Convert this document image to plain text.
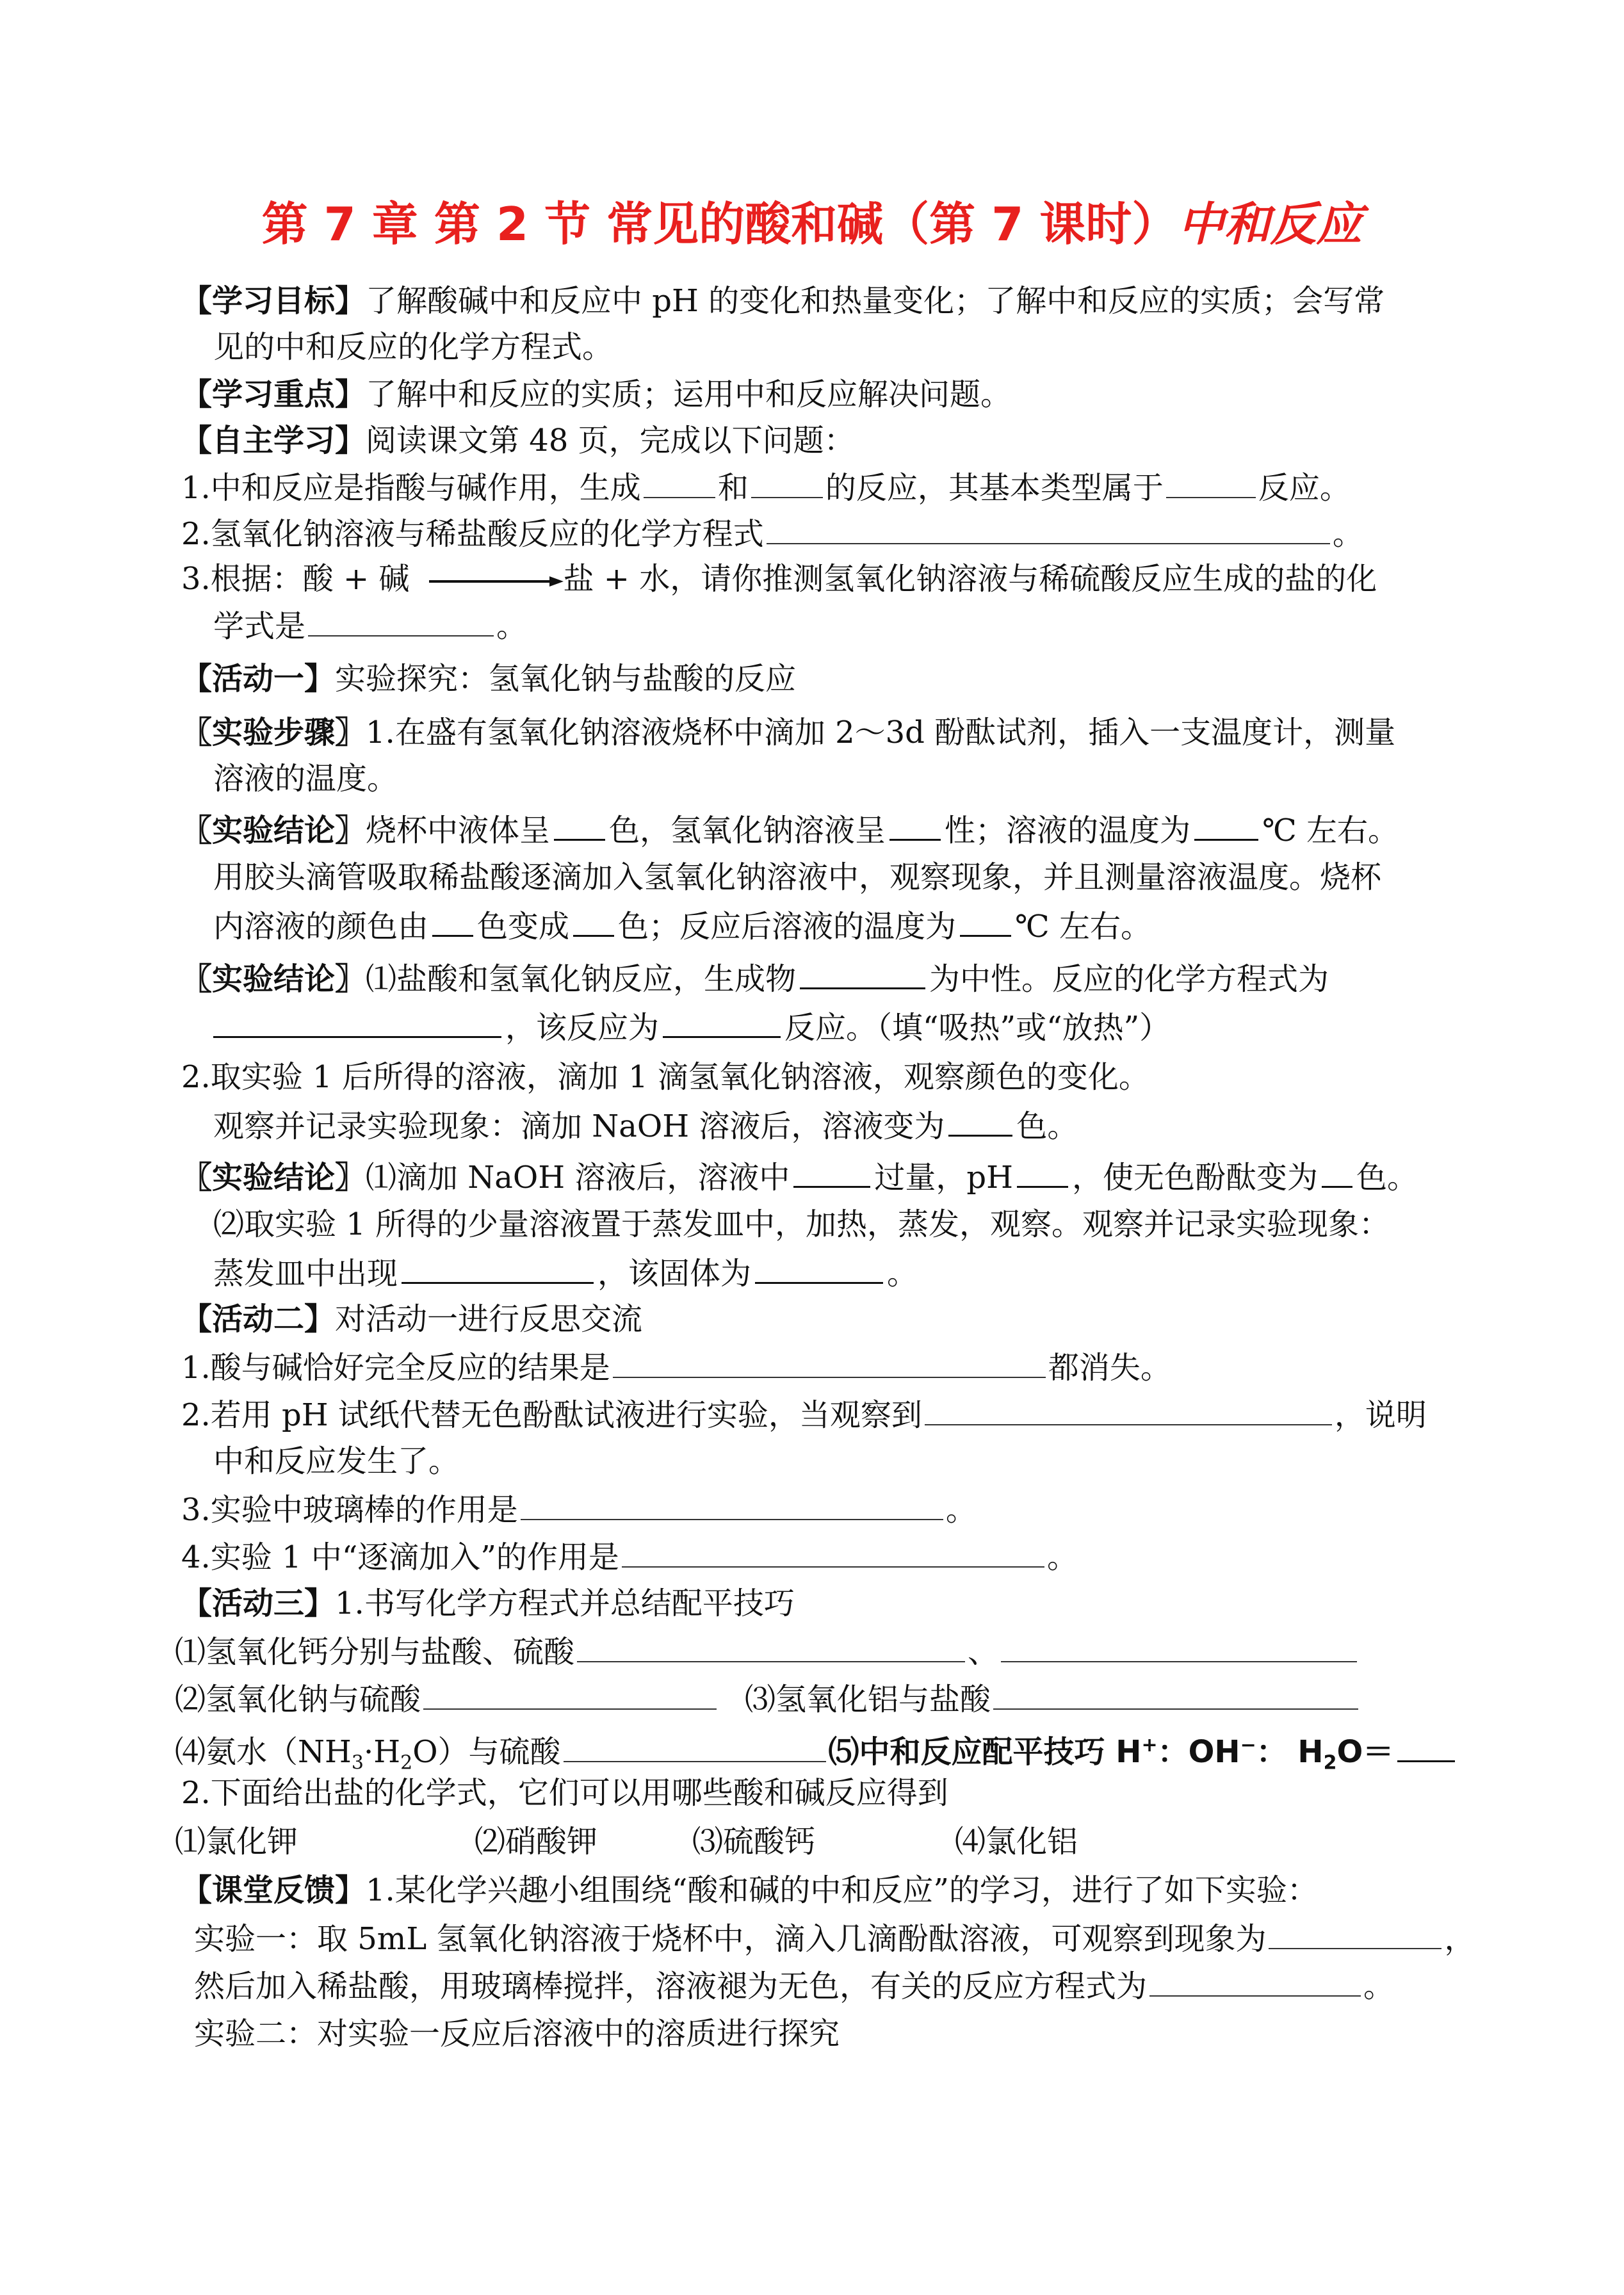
第 7 章 第 2 节 常见的酸和碱（第 7 课时）中和反应
【学习目标】了解酸碱中和反应中 pH 的变化和热量变化；了解中和反应的实质；会写常
见的中和反应的化学方程式。
【学习重点】了解中和反应的实质；运用中和反应解决问题。
【自主学习】阅读课文第 48 页，完成以下问题：
1.中和反应是指酸与碱作用，生成	和	的反应，其基本类型属于	反应。
2.氢氧化钠溶液与稀盐酸反应的化学方程式	。
3.根据：酸 + 碱	盐 + 水，请你推测氢氧化钠溶液与稀硫酸反应生成的盐的化
学式是	。
【活动一】实验探究：氢氧化钠与盐酸的反应
〖实验步骤〗1.在盛有氢氧化钠溶液烧杯中滴加 2～3d 酚酞试剂，插入一支温度计，测量
溶液的温度。
〖实验结论〗烧杯中液体呈 色，氢氧化钠溶液呈 性；溶液的温度为 ℃ 左右。
用胶头滴管吸取稀盐酸逐滴加入氢氧化钠溶液中，观察现象，并且测量溶液温度。烧杯
内溶液的颜色由 色变成 色；反应后溶液的温度为 ℃ 左右。
〖实验结论〗⑴盐酸和氢氧化钠反应，生成物	为中性。反应的化学方程式为
，该反应为	反应。（填“吸热”或“放热”）
2.取实验 1 后所得的溶液，滴加 1 滴氢氧化钠溶液，观察颜色的变化。
观察并记录实验现象：滴加 NaOH 溶液后，溶液变为 色。
〖实验结论〗⑴滴加 NaOH 溶液后，溶液中	过量，pH ，使无色酚酞变为 色。
⑵取实验 1 所得的少量溶液置于蒸发皿中，加热，蒸发，观察。观察并记录实验现象：
蒸发皿中出现	，该固体为	。
【活动二】对活动一进行反思交流
1.酸与碱恰好完全反应的结果是	都消失。
2.若用 pH 试纸代替无色酚酞试液进行实验，当观察到	，说明
中和反应发生了。
3.实验中玻璃棒的作用是	。
4.实验 1 中“逐滴加入”的作用是	。
【活动三】1.书写化学方程式并总结配平技巧
⑴氢氧化钙分别与盐酸、硫酸	、
⑵氢氧化钠与硫酸	⑶氢氧化铝与盐酸
⑷氨水$(NH_3\cdot H_2O)$与硫酸	⑸中和反应配平技巧 H+：OH−： $H_2O=$
2.下面给出盐的化学式，它们可以用哪些酸和碱反应得到
⑴氯化钾	⑵硝酸钾	⑶硫酸钙	⑷氯化铝
【课堂反馈】1.某化学兴趣小组围绕“酸和碱的中和反应”的学习，进行了如下实验：
实验一：取 5mL 氢氧化钠溶液于烧杯中，滴入几滴酚酞溶液，可观察到现象为	，
然后加入稀盐酸，用玻璃棒搅拌，溶液褪为无色，有关的反应方程式为	。
实验二：对实验一反应后溶液中的溶质进行探究
